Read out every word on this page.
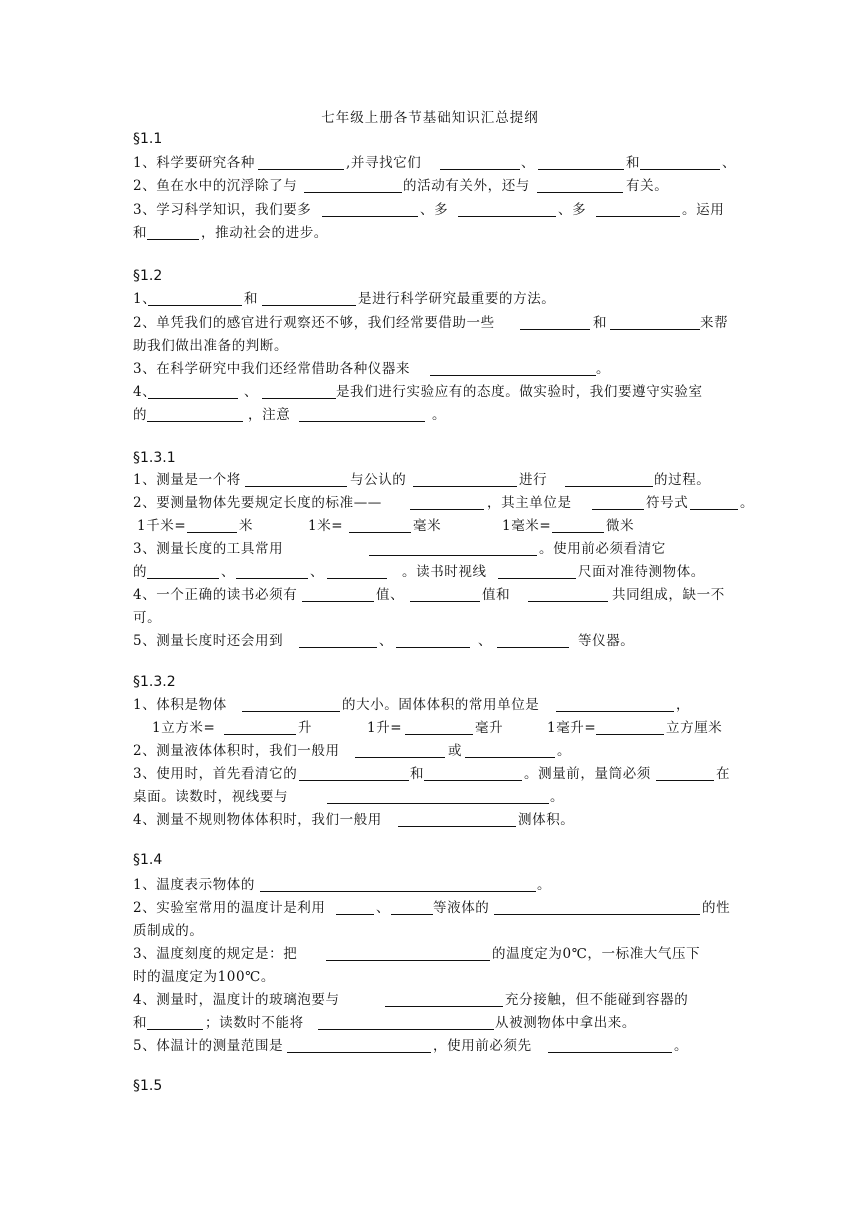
七年级上册各节基础知识汇总提纲
§1.1
1、科学要研究各种	,并寻找它们	、	和	、
2、鱼在水中的沉浮除了与	的活动有关外，还与	有关。
3、学习科学知识，我们要多	、多	、多	。运用
和	，推动社会的进步。
§1.2
1、	和	是进行科学研究最重要的方法。
2、单凭我们的感官进行观察还不够，我们经常要借助一些	和	来帮
助我们做出准备的判断。
3、在科学研究中我们还经常借助各种仪器来	。
4、	、	是我们进行实验应有的态度。做实验时，我们要遵守实验室
的	，注意	。
§1.3.1
1、测量是一个将	与公认的	进行	的过程。
2、要测量物体先要规定长度的标准——	，其主单位是	符号式	。
1千米=	米	1米=	毫米	1毫米=	微米
3、测量长度的工具常用	。使用前必须看清它
的	、	、	。读书时视线	尺面对准待测物体。
4、一个正确的读书必须有	值、	值和	共同组成，缺一不
可。
5、测量长度时还会用到	、	、	等仪器。
§1.3.2
1、体积是物体	的大小。固体体积的常用单位是	，
1立方米=	升	1升=	毫升	1毫升=	立方厘米
2、测量液体体积时，我们一般用	或	。
3、使用时，首先看清它的	和	。测量前，量筒必须	在
桌面。读数时，视线要与	。
4、测量不规则物体体积时，我们一般用	测体积。
§1.4
1、温度表示物体的	。
2、实验室常用的温度计是利用	、	等液体的	的性
质制成的。
3、温度刻度的规定是：把	的温度定为0℃，一标准大气压下
时的温度定为100℃。
4、测量时，温度计的玻璃泡要与	充分接触，但不能碰到容器的
和	；读数时不能将	从被测物体中拿出来。
5、体温计的测量范围是	，使用前必须先	。
§1.5
